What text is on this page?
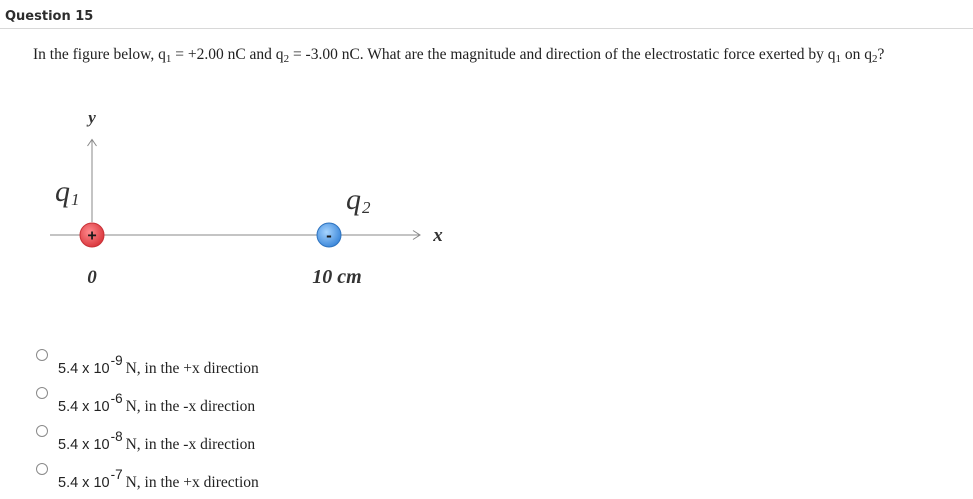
Question 15
In the figure below, $q_1 = +2.00$ nC and $q_2 = -3.00$ nC. What are the magnitude and direction of the electrostatic force exerted by $q_1$ on $q_2$?
y
x
q1
+
0
q2
-
10 cm
5.4 x 10-9 N, in the +x direction
5.4 x 10-6 N, in the -x direction
5.4 x 10-8 N, in the -x direction
5.4 x 10-7 N, in the +x direction
